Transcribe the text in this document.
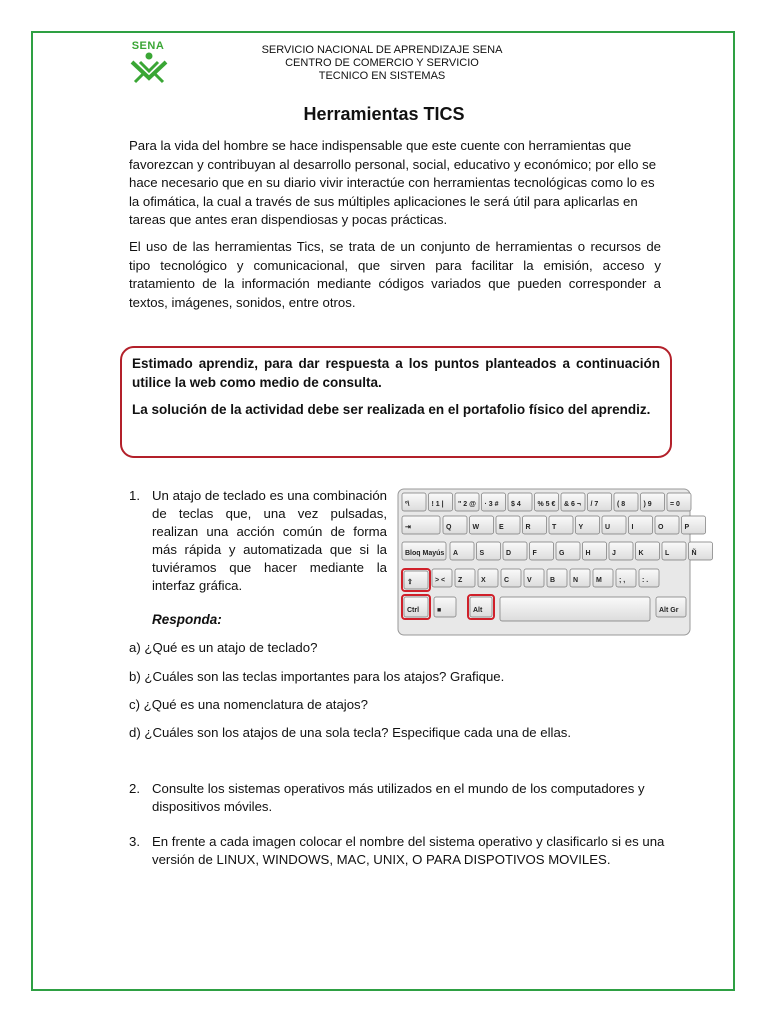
SENA	SERVICIO NACIONAL DE APRENDIZAJE SENA
CENTRO DE COMERCIO Y SERVICIO
TECNICO EN SISTEMAS
Herramientas TICS
Para la vida del hombre se hace indispensable que este cuente con herramientas que favorezcan y contribuyan al desarrollo personal, social, educativo y económico; por ello se hace necesario que en su diario vivir interactúe con herramientas tecnológicas como lo es la ofimática, la cual a través de sus múltiples aplicaciones le será útil para aplicarlas en tareas que antes eran dispendiosas y pocas prácticas.
El uso de las herramientas Tics, se trata de un conjunto de herramientas o recursos de tipo tecnológico y comunicacional, que sirven para facilitar la emisión, acceso y tratamiento de la información mediante códigos variados que pueden corresponder a textos, imágenes, sonidos, entre otros.

Estimado aprendiz, para dar respuesta a los puntos planteados a continuación utilice la web como medio de consulta.

La solución de la actividad debe ser realizada en el portafolio físico del aprendiz.

1. Un atajo de teclado es una combinación de teclas que, una vez pulsadas, realizan una acción común de forma más rápida y automatizada que si la tuviéramos que hacer mediante la interfaz gráfica.
Responda:
º\	! 1 | " 2 @ · 3 # $ 4 % 5 € & 6 ¬ / 7	( 8	) 9	= 0
⇥	Q	W	E	R	T	Y	U	I	O	P
Bloq Mayús A	S	D	F	G	H	J	K	L	Ñ
⇧	> < Z	X	C	V	B	N	M ; , : .
Ctrl	■	Alt	Alt Gr
a) ¿Qué es un atajo de teclado?
b) ¿Cuáles son las teclas importantes para los atajos? Grafique.
c) ¿Qué es una nomenclatura de atajos?
d) ¿Cuáles son los atajos de una sola tecla? Especifique cada una de ellas.
2. Consulte los sistemas operativos más utilizados en el mundo de los computadores y dispositivos móviles.
3. En frente a cada imagen colocar el nombre del sistema operativo y clasificarlo si es una versión de LINUX, WINDOWS, MAC, UNIX, O PARA DISPOTIVOS MOVILES.
